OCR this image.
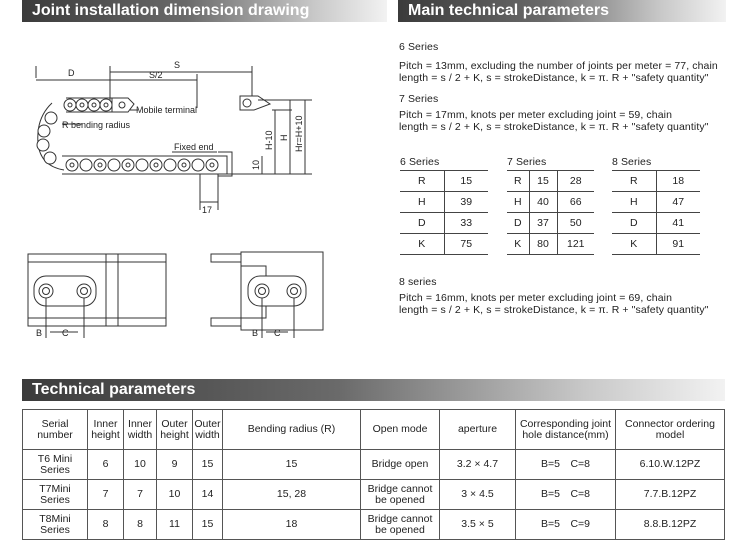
Joint installation dimension drawing	Main technical parameters
Technical parameters
D
S
S/2
Mobile terminal
R bending radius
Fixed end	H-10 H Hr=H+10
10
17
B C	B C
6 Series
Pitch = 13mm, excluding the number of joints per meter = 77, chain
length = s / 2 + K, s = strokeDistance, k = π. R + "safety quantity"
7 Series
Pitch = 17mm, knots per meter excluding joint = 59, chain
length = s / 2 + K, s = strokeDistance, k = π. R + "safety quantity"
6 Series
R	15
H	39
D	33
K	75
7 Series
R	15	28
H	40	66
D	37	50
K	80	121
8 Series
R	18
H	47
D	41
K	91
8 series
Pitch = 16mm, knots per meter excluding joint = 69, chain
length = s / 2 + K, s = strokeDistance, k = π. R + "safety quantity"
Serial number	Inner height	Inner width	Outer height	Outer width	Bending radius (R)	Open mode	aperture	Corresponding joint hole distance(mm)	Connector ordering model
T6 Mini Series	6	10	9	15	15	Bridge open	3.2 × 4.7	B=5　C=8	6.10.W.12PZ
T7Mini Series	7	7	10	14	15, 28	Bridge cannot be opened	3 × 4.5	B=5　C=8	7.7.B.12PZ
T8Mini Series	8	8	11	15	18	Bridge cannot be opened	3.5 × 5	B=5　C=9	8.8.B.12PZ
